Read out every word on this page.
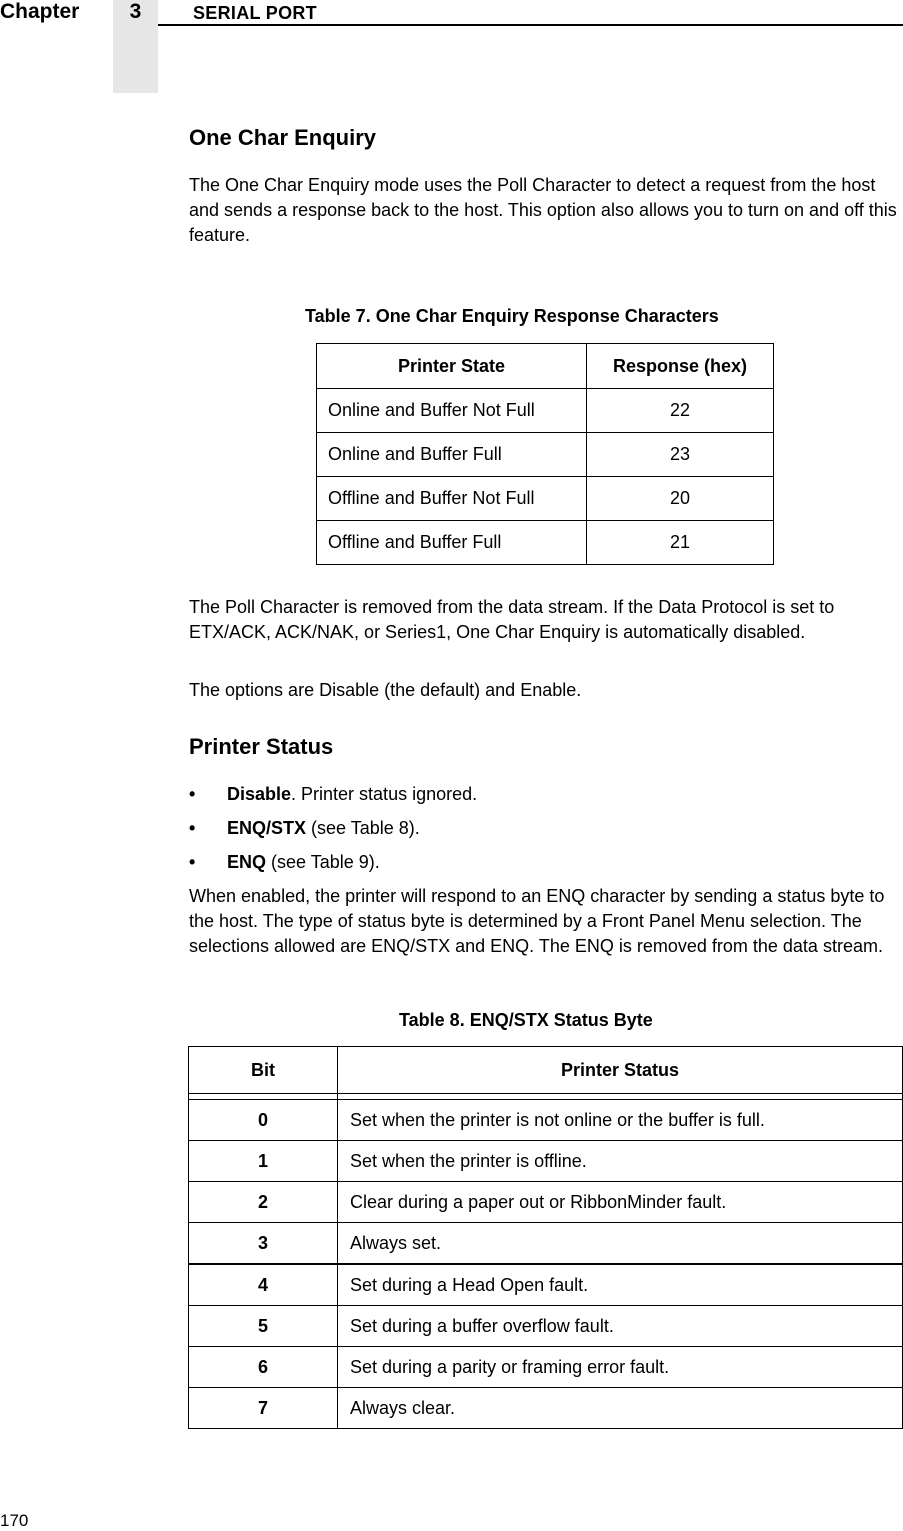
Chapter	3	SERIAL PORT
One Char Enquiry
The One Char Enquiry mode uses the Poll Character to detect a request from the host and sends a response back to the host. This option also allows you to turn on and off this feature.
Table 7. One Char Enquiry Response Characters
Printer State	Response (hex)
Online and Buffer Not Full	22
Online and Buffer Full	23
Offline and Buffer Not Full	20
Offline and Buffer Full	21
The Poll Character is removed from the data stream. If the Data Protocol is set to ETX/ACK, ACK/NAK, or Series1, One Char Enquiry is automatically disabled.
The options are Disable (the default) and Enable.
Printer Status
• Disable. Printer status ignored.
• ENQ/STX (see Table 8).
• ENQ (see Table 9).
When enabled, the printer will respond to an ENQ character by sending a status byte to the host. The type of status byte is determined by a Front Panel Menu selection. The selections allowed are ENQ/STX and ENQ. The ENQ is removed from the data stream.
Table 8. ENQ/STX Status Byte
Bit	Printer Status

0	Set when the printer is not online or the buffer is full.
1	Set when the printer is offline.
2	Clear during a paper out or RibbonMinder fault.
3	Always set.
4	Set during a Head Open fault.
5	Set during a buffer overflow fault.
6	Set during a parity or framing error fault.
7	Always clear.
170
